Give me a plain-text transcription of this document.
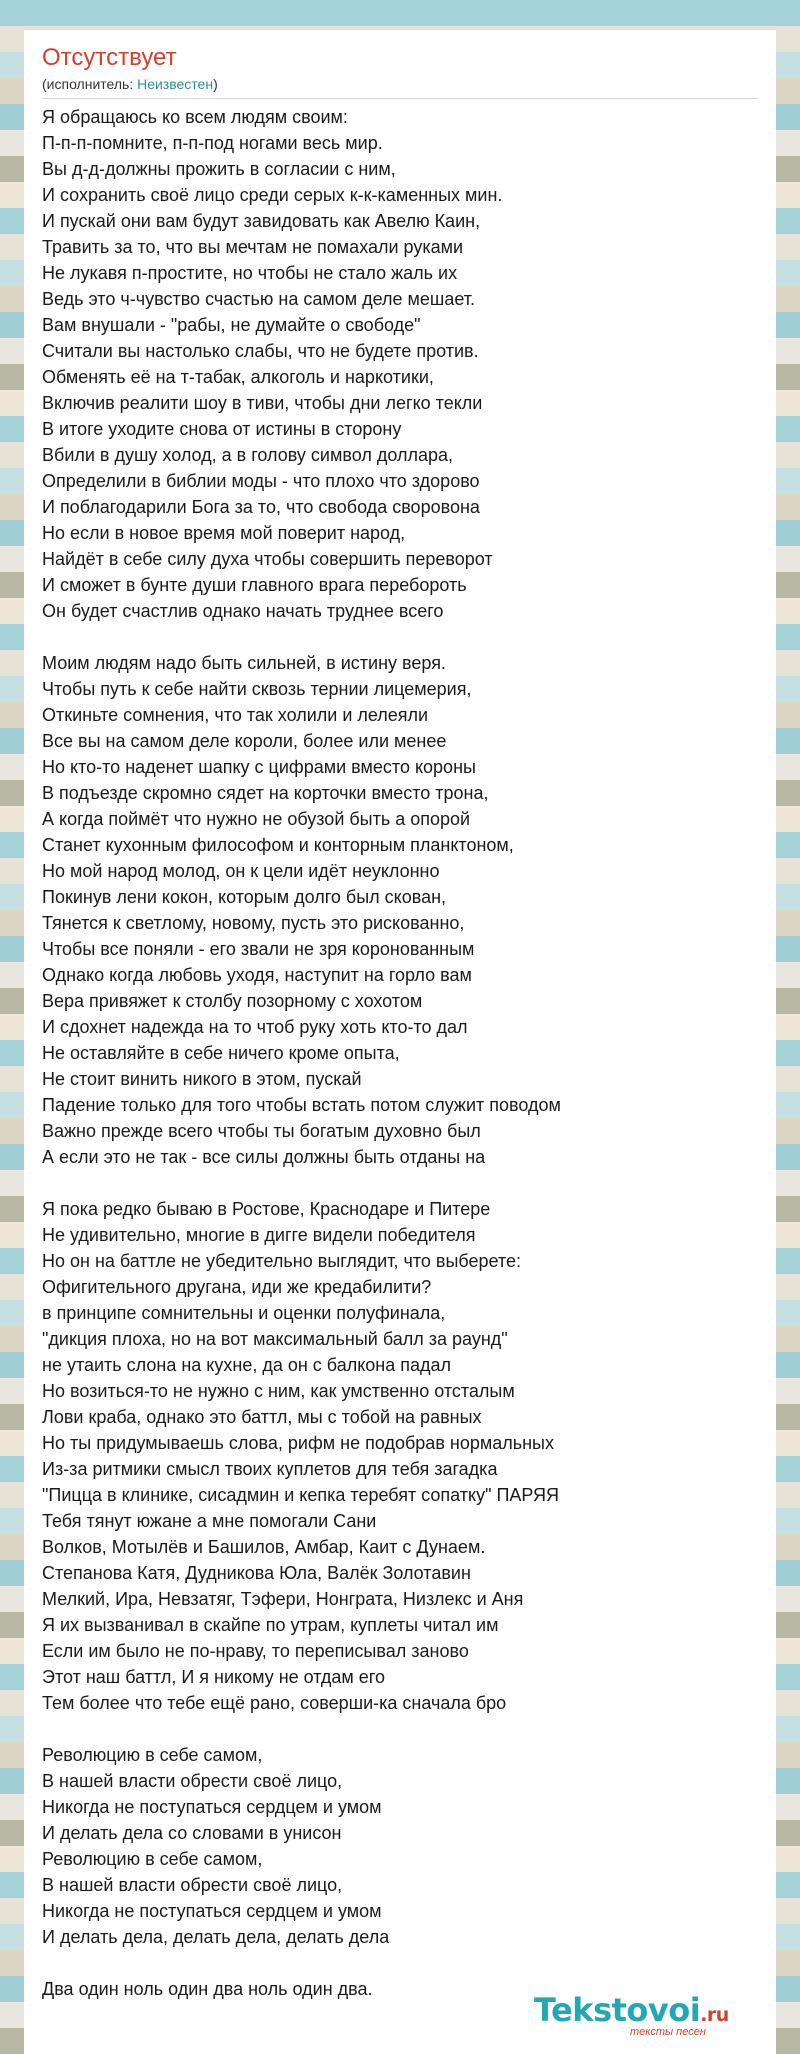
Отсутствует
(исполнитель: Неизвестен)
Я обращаюсь ко всем людям своим:
П-п-п-помните, п-п-под ногами весь мир.
Вы д-д-должны прожить в согласии с ним,
И сохранить своё лицо среди серых к-к-каменных мин.
И пускай они вам будут завидовать как Авелю Каин,
Травить за то, что вы мечтам не помахали руками
Не лукавя п-простите, но чтобы не стало жаль их
Ведь это ч-чувство счастью на самом деле мешает.
Вам внушали - "рабы, не думайте о свободе"
Считали вы настолько слабы, что не будете против.
Обменять её на т-табак, алкоголь и наркотики,
Включив реалити шоу в тиви, чтобы дни легко текли
В итоге уходите снова от истины в сторону
Вбили в душу холод, а в голову символ доллара,
Определили в библии моды - что плохо что здорово
И поблагодарили Бога за то, что свобода своровона
Но если в новое время мой поверит народ,
Найдёт в себе силу духа чтобы совершить переворот
И сможет в бунте души главного врага перебороть
Он будет счастлив однако начать труднее всего
Моим людям надо быть сильней, в истину веря.
Чтобы путь к себе найти сквозь тернии лицемерия,
Откиньте сомнения, что так холили и лелеяли
Все вы на самом деле короли, более или менее
Но кто-то наденет шапку с цифрами вместо короны
В подъезде скромно сядет на корточки вместо трона,
А когда поймёт что нужно не обузой быть а опорой
Станет кухонным философом и конторным планктоном,
Но мой народ молод, он к цели идёт неуклонно
Покинув лени кокон, которым долго был скован,
Тянется к светлому, новому, пусть это рискованно,
Чтобы все поняли - его звали не зря коронованным
Однако когда любовь уходя, наступит на горло вам
Вера привяжет к столбу позорному с хохотом
И сдохнет надежда на то чтоб руку хоть кто-то дал
Не оставляйте в себе ничего кроме опыта,
Не стоит винить никого в этом, пускай
Падение только для того чтобы встать потом служит поводом
Важно прежде всего чтобы ты богатым духовно был
А если это не так - все силы должны быть отданы на
Я пока редко бываю в Ростове, Краснодаре и Питере
Не удивительно, многие в дигге видели победителя
Но он на баттле не убедительно выглядит, что выберете:
Офигительного другана, иди же кредабилити?
в принципе сомнительны и оценки полуфинала,
"дикция плоха, но на вот максимальный балл за раунд"
не утаить слона на кухне, да он с балкона падал
Но возиться-то не нужно с ним, как умственно отсталым
Лови краба, однако это баттл, мы с тобой на равных
Но ты придумываешь слова, рифм не подобрав нормальных
Из-за ритмики смысл твоих куплетов для тебя загадка
"Пицца в клинике, сисадмин и кепка теребят сопатку" ПАРЯЯ
Тебя тянут южане а мне помогали Сани
Волков, Мотылёв и Башилов, Амбар, Каит с Дунаем.
Степанова Катя, Дудникова Юла, Валёк Золотавин
Мелкий, Ира, Невзатяг, Тэфери, Нонграта, Низлекс и Аня
Я их вызванивал в скайпе по утрам, куплеты читал им
Если им было не по-нраву, то переписывал заново
Этот наш баттл, И я никому не отдам его
Тем более что тебе ещё рано, соверши-ка сначала бро
Революцию в себе самом,
В нашей власти обрести своё лицо,
Никогда не поступаться сердцем и умом
И делать дела со словами в унисон
Революцию в себе самом,
В нашей власти обрести своё лицо,
Никогда не поступаться сердцем и умом
И делать дела, делать дела, делать дела
Два один ноль один два ноль один два.
Tekstovoi.ru
тексты песен
